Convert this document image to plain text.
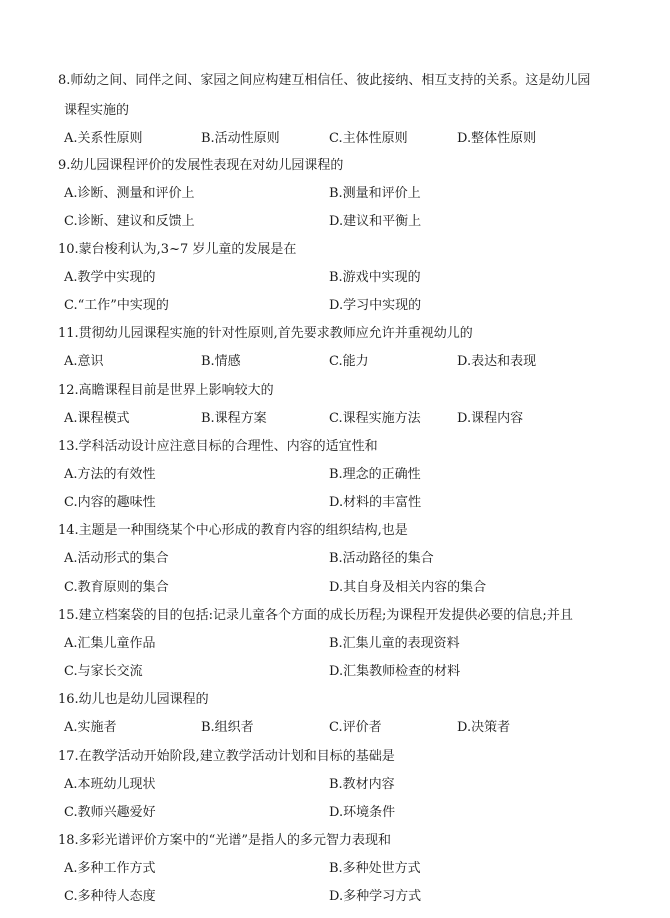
8.师幼之间、同伴之间、家园之间应构建互相信任、彼此接纳、相互支持的关系。这是幼儿园
课程实施的
A.关系性原则	B.活动性原则	C.主体性原则	D.整体性原则
9.幼儿园课程评价的发展性表现在对幼儿园课程的
A.诊断、测量和评价上	B.测量和评价上
C.诊断、建议和反馈上	D.建议和平衡上
10.蒙台梭利认为,3~7 岁儿童的发展是在
A.教学中实现的	B.游戏中实现的
C.“工作”中实现的	D.学习中实现的
11.贯彻幼儿园课程实施的针对性原则,首先要求教师应允许并重视幼儿的
A.意识	B.情感	C.能力	D.表达和表现
12.高瞻课程目前是世界上影响较大的
A.课程模式	B.课程方案	C.课程实施方法	D.课程内容
13.学科活动设计应注意目标的合理性、内容的适宜性和
A.方法的有效性	B.理念的正确性
C.内容的趣味性	D.材料的丰富性
14.主题是一种围绕某个中心形成的教育内容的组织结构,也是
A.活动形式的集合	B.活动路径的集合
C.教育原则的集合	D.其自身及相关内容的集合
15.建立档案袋的目的包括:记录儿童各个方面的成长历程;为课程开发提供必要的信息;并且
A.汇集儿童作品	B.汇集儿童的表现资料
C.与家长交流	D.汇集教师检查的材料
16.幼儿也是幼儿园课程的
A.实施者	B.组织者	C.评价者	D.决策者
17.在教学活动开始阶段,建立教学活动计划和目标的基础是
A.本班幼儿现状	B.教材内容
C.教师兴趣爱好	D.环境条件
18.多彩光谱评价方案中的“光谱”是指人的多元智力表现和
A.多种工作方式	B.多种处世方式
C.多种待人态度	D.多种学习方式
